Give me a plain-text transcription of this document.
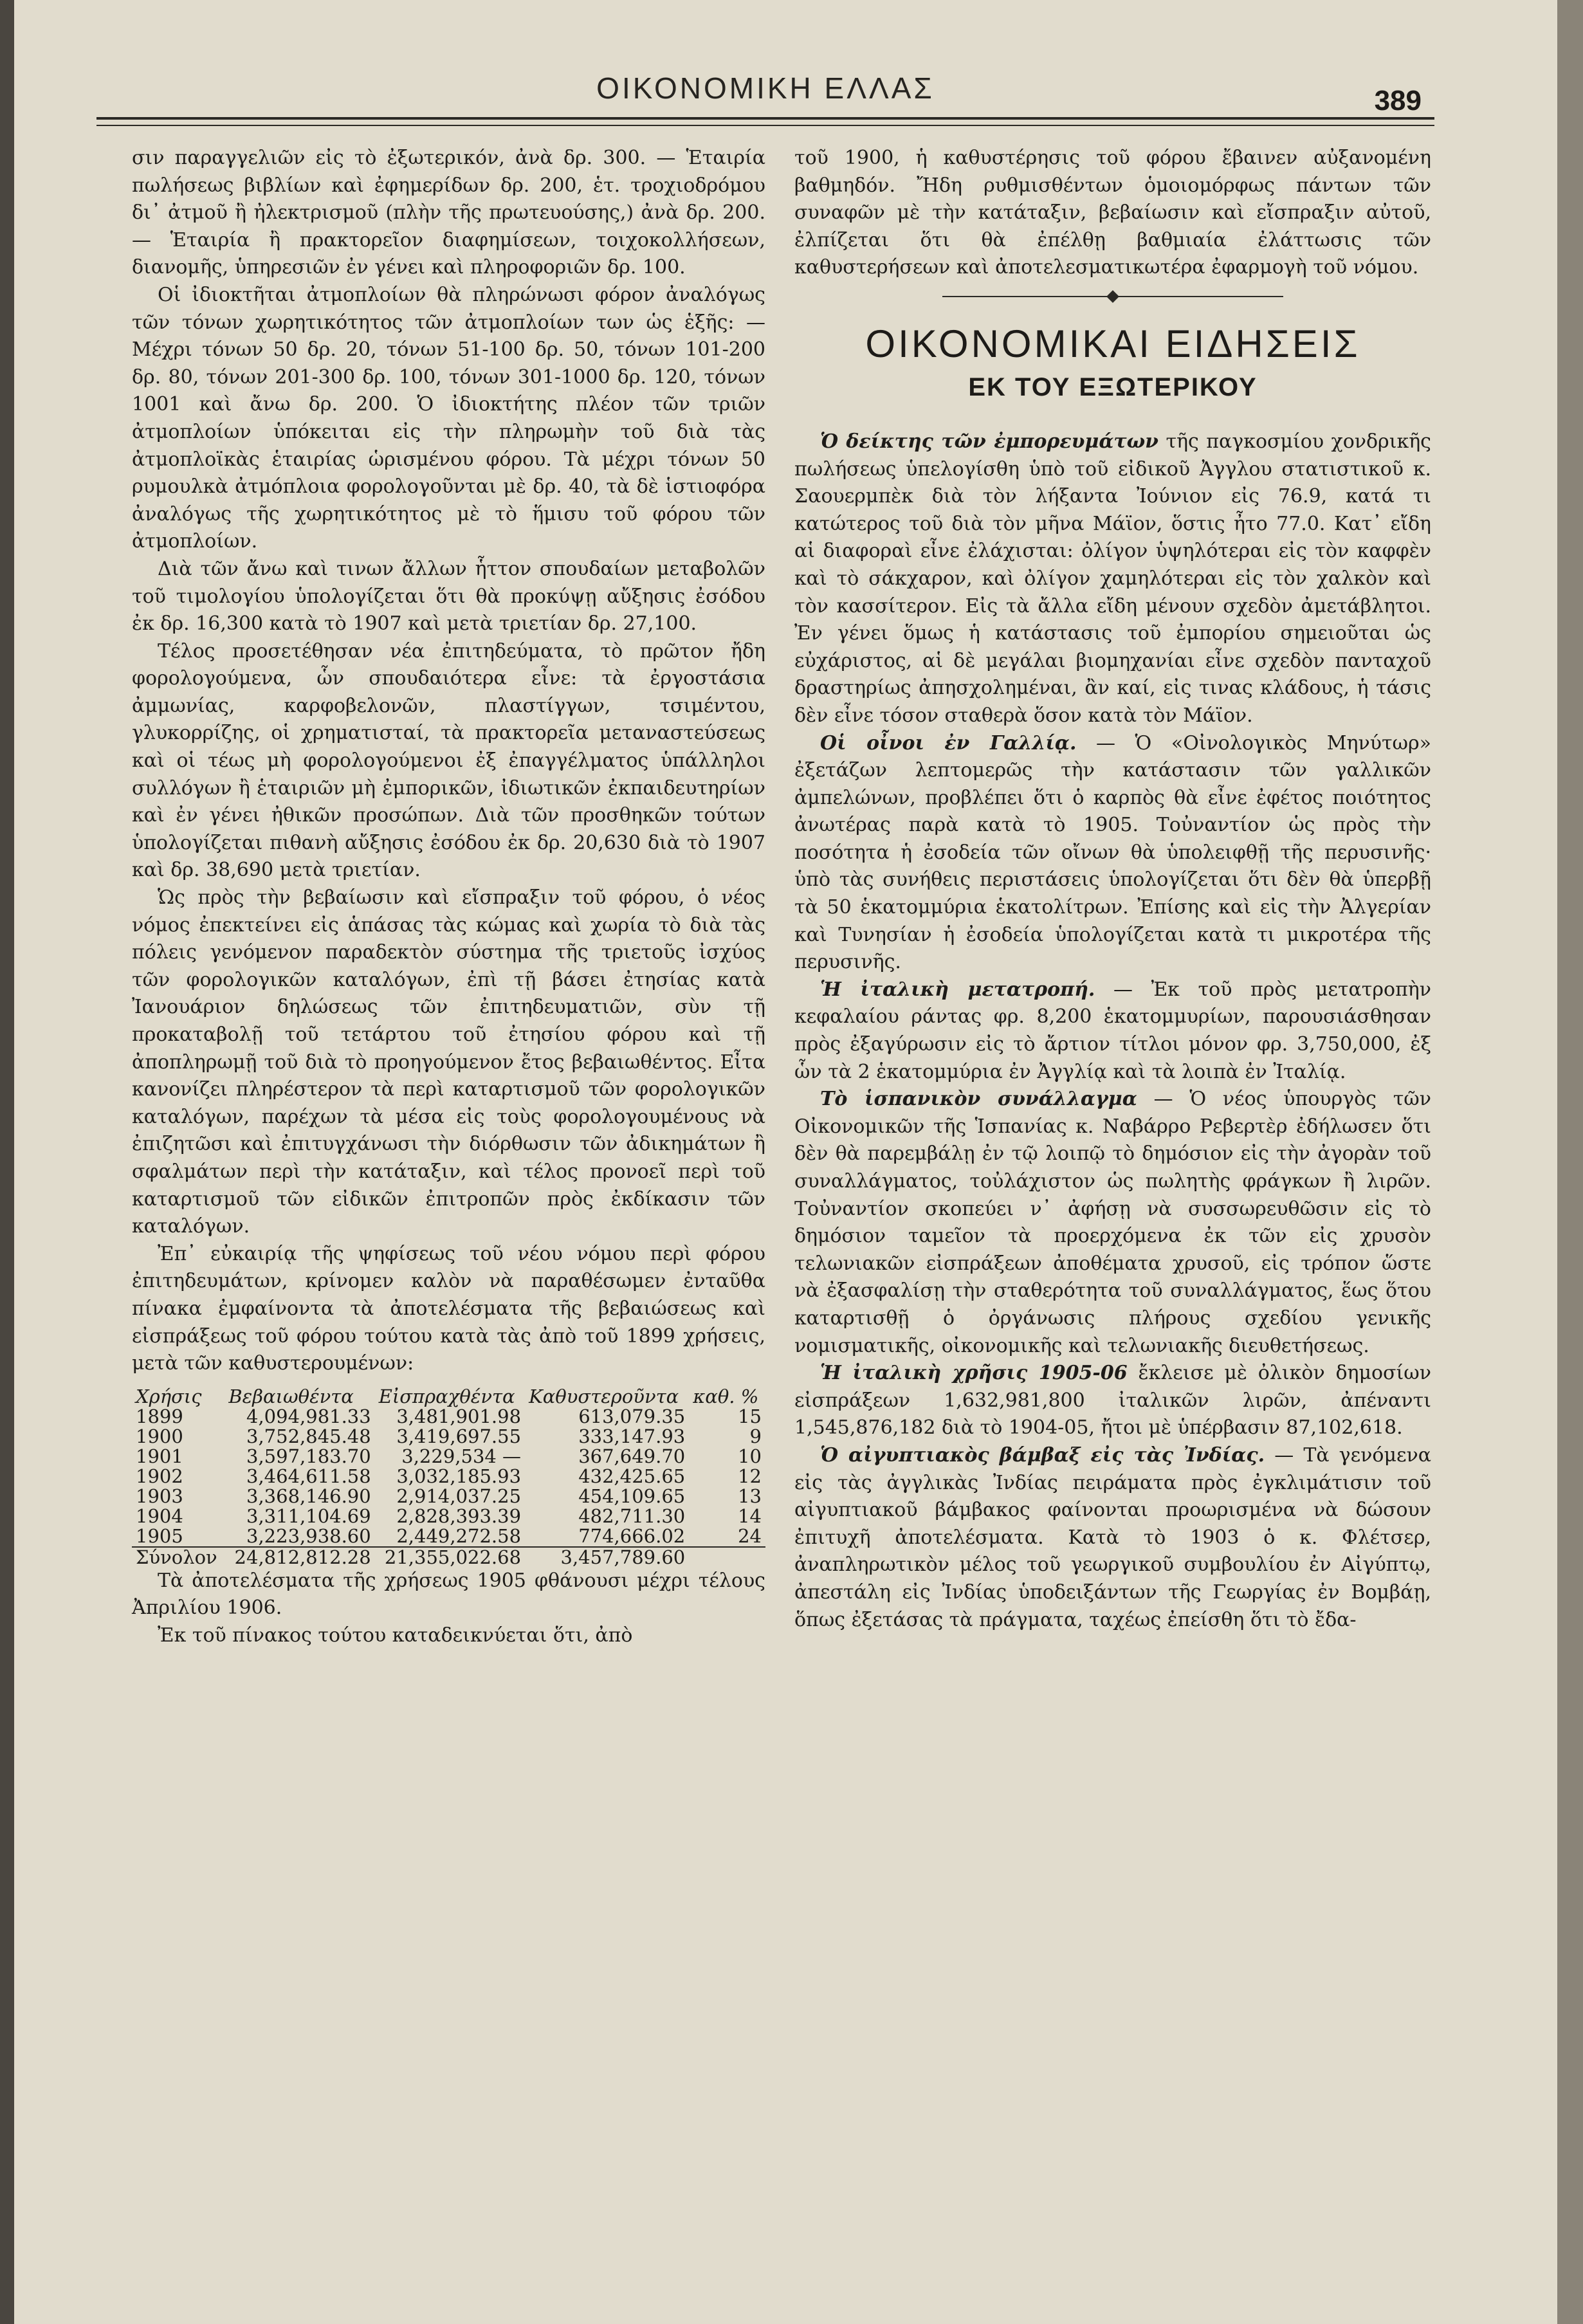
ΟΙΚΟΝΟΜΙΚΗ ΕΛΛΑΣ	389

σιν παραγγελιῶν εἰς τὸ ἐξωτερικόν, ἀνὰ δρ. 300. — Ἑταιρία πωλήσεως βιβλίων καὶ ἐφημερίδων δρ. 200, ἑτ. τροχιοδρόμου δι᾽ ἀτμοῦ ἢ ἠλεκτρισμοῦ (πλὴν τῆς πρωτευούσης,) ἀνὰ δρ. 200. — Ἑταιρία ἢ πρακτορεῖον διαφημίσεων, τοιχοκολλήσεων, διανομῆς, ὑπηρεσιῶν ἐν γένει καὶ πληροφοριῶν δρ. 100.

Οἱ ἰδιοκτῆται ἀτμοπλοίων θὰ πληρώνωσι φόρον ἀναλόγως τῶν τόνων χωρητικότητος τῶν ἀτμοπλοίων των ὡς ἑξῆς: — Μέχρι τόνων 50 δρ. 20, τόνων 51-100 δρ. 50, τόνων 101-200 δρ. 80, τόνων 201-300 δρ. 100, τόνων 301-1000 δρ. 120, τόνων 1001 καὶ ἄνω δρ. 200. Ὁ ἰδιοκτήτης πλέον τῶν τριῶν ἀτμοπλοίων ὑπόκειται εἰς τὴν πληρωμὴν τοῦ διὰ τὰς ἀτμοπλοϊκὰς ἑταιρίας ὡρισμένου φόρου. Τὰ μέχρι τόνων 50 ρυμουλκὰ ἀτμόπλοια φορολογοῦνται μὲ δρ. 40, τὰ δὲ ἱστιοφόρα ἀναλόγως τῆς χωρητικότητος μὲ τὸ ἥμισυ τοῦ φόρου τῶν ἀτμοπλοίων.

Διὰ τῶν ἄνω καὶ τινων ἄλλων ἧττον σπουδαίων μεταβολῶν τοῦ τιμολογίου ὑπολογίζεται ὅτι θὰ προκύψῃ αὔξησις ἐσόδου ἐκ δρ. 16,300 κατὰ τὸ 1907 καὶ μετὰ τριετίαν δρ. 27,100.

Τέλος προσετέθησαν νέα ἐπιτηδεύματα, τὸ πρῶτον ἤδη φορολογούμενα, ὧν σπουδαιότερα εἶνε: τὰ ἐργοστάσια ἀμμωνίας, καρφοβελονῶν, πλαστίγγων, τσιμέντου, γλυκορρίζης, οἱ χρηματισταί, τὰ πρακτορεῖα μεταναστεύσεως καὶ οἱ τέως μὴ φορολογούμενοι ἐξ ἐπαγγέλματος ὑπάλληλοι συλλόγων ἢ ἑταιριῶν μὴ ἐμπορικῶν, ἰδιωτικῶν ἐκπαιδευτηρίων καὶ ἐν γένει ἠθικῶν προσώπων. Διὰ τῶν προσθηκῶν τούτων ὑπολογίζεται πιθανὴ αὔξησις ἐσόδου ἐκ δρ. 20,630 διὰ τὸ 1907 καὶ δρ. 38,690 μετὰ τριετίαν.

Ὡς πρὸς τὴν βεβαίωσιν καὶ εἴσπραξιν τοῦ φόρου, ὁ νέος νόμος ἐπεκτείνει εἰς ἁπάσας τὰς κώμας καὶ χωρία τὸ διὰ τὰς πόλεις γενόμενον παραδεκτὸν σύστημα τῆς τριετοῦς ἰσχύος τῶν φορολογικῶν καταλόγων, ἐπὶ τῇ βάσει ἐτησίας κατὰ Ἰανουάριον δηλώσεως τῶν ἐπιτηδευματιῶν, σὺν τῇ προκαταβολῇ τοῦ τετάρτου τοῦ ἐτησίου φόρου καὶ τῇ ἀποπληρωμῇ τοῦ διὰ τὸ προηγούμενον ἔτος βεβαιωθέντος. Εἶτα κανονίζει πληρέστερον τὰ περὶ καταρτισμοῦ τῶν φορολογικῶν καταλόγων, παρέχων τὰ μέσα εἰς τοὺς φορολογουμένους νὰ ἐπιζητῶσι καὶ ἐπιτυγχάνωσι τὴν διόρθωσιν τῶν ἀδικημάτων ἢ σφαλμάτων περὶ τὴν κατάταξιν, καὶ τέλος προνοεῖ περὶ τοῦ καταρτισμοῦ τῶν εἰδικῶν ἐπιτροπῶν πρὸς ἐκδίκασιν τῶν καταλόγων.

Ἐπ᾽ εὐκαιρίᾳ τῆς ψηφίσεως τοῦ νέου νόμου περὶ φόρου ἐπιτηδευμάτων, κρίνομεν καλὸν νὰ παραθέσωμεν ἐνταῦθα πίνακα ἐμφαίνοντα τὰ ἀποτελέσματα τῆς βεβαιώσεως καὶ εἰσπράξεως τοῦ φόρου τούτου κατὰ τὰς ἀπὸ τοῦ 1899 χρήσεις, μετὰ τῶν καθυστερουμένων:

Χρήσις	Βεβαιωθέντα	Εἰσπραχθέντα	Καθυστεροῦντα	καθ. %
1899	4,094,981.33	3,481,901.98	613,079.35	15
1900	3,752,845.48	3,419,697.55	333,147.93	9
1901	3,597,183.70	3,229,534 —	367,649.70	10
1902	3,464,611.58	3,032,185.93	432,425.65	12
1903	3,368,146.90	2,914,037.25	454,109.65	13
1904	3,311,104.69	2,828,393.39	482,711.30	14
1905	3,223,938.60	2,449,272.58	774,666.02	24
Σύνολον	24,812,812.28	21,355,022.68	3,457,789.60	

Τὰ ἀποτελέσματα τῆς χρήσεως 1905 φθάνουσι μέχρι τέλους Ἀπριλίου 1906.

Ἐκ τοῦ πίνακος τούτου καταδεικνύεται ὅτι, ἀπὸ

τοῦ 1900, ἡ καθυστέρησις τοῦ φόρου ἔβαινεν αὐξανομένη βαθμηδόν. Ἤδη ρυθμισθέντων ὁμοιομόρφως πάντων τῶν συναφῶν μὲ τὴν κατάταξιν, βεβαίωσιν καὶ εἴσπραξιν αὐτοῦ, ἐλπίζεται ὅτι θὰ ἐπέλθῃ βαθμιαία ἐλάττωσις τῶν καθυστερήσεων καὶ ἀποτελεσματικωτέρα ἐφαρμογὴ τοῦ νόμου.

ΟΙΚΟΝΟΜΙΚΑΙ ΕΙΔΗΣΕΙΣ
ΕΚ ΤΟΥ ΕΞΩΤΕΡΙΚΟΥ

Ὁ δείκτης τῶν ἐμπορευμάτων τῆς παγκοσμίου χονδρικῆς πωλήσεως ὑπελογίσθη ὑπὸ τοῦ εἰδικοῦ Ἀγγλου στατιστικοῦ κ. Σαουερμπὲκ διὰ τὸν λήξαντα Ἰούνιον εἰς 76.9, κατά τι κατώτερος τοῦ διὰ τὸν μῆνα Μάϊον, ὅστις ἦτο 77.0. Κατ᾽ εἴδη αἱ διαφοραὶ εἶνε ἐλάχισται: ὀλίγον ὑψηλότεραι εἰς τὸν καφφὲν καὶ τὸ σάκχαρον, καὶ ὀλίγον χαμηλότεραι εἰς τὸν χαλκὸν καὶ τὸν κασσίτερον. Εἰς τὰ ἄλλα εἴδη μένουν σχεδὸν ἀμετάβλητοι. Ἐν γένει ὅμως ἡ κατάστασις τοῦ ἐμπορίου σημειοῦται ὡς εὐχάριστος, αἱ δὲ μεγάλαι βιομηχανίαι εἶνε σχεδὸν πανταχοῦ δραστηρίως ἀπησχολημέναι, ἂν καί, εἰς τινας κλάδους, ἡ τάσις δὲν εἶνε τόσον σταθερὰ ὅσον κατὰ τὸν Μάϊον.

Οἱ οἶνοι ἐν Γαλλίᾳ. — Ὁ «Οἰνολογικὸς Μηνύτωρ» ἐξετάζων λεπτομερῶς τὴν κατάστασιν τῶν γαλλικῶν ἀμπελώνων, προβλέπει ὅτι ὁ καρπὸς θὰ εἶνε ἐφέτος ποιότητος ἀνωτέρας παρὰ κατὰ τὸ 1905. Τοὐναντίον ὡς πρὸς τὴν ποσότητα ἡ ἐσοδεία τῶν οἴνων θὰ ὑπολειφθῇ τῆς περυσινῆς· ὑπὸ τὰς συνήθεις περιστάσεις ὑπολογίζεται ὅτι δὲν θὰ ὑπερβῇ τὰ 50 ἑκατομμύρια ἑκατολίτρων. Ἐπίσης καὶ εἰς τὴν Ἀλγερίαν καὶ Τυνησίαν ἡ ἐσοδεία ὑπολογίζεται κατὰ τι μικροτέρα τῆς περυσινῆς.

Ἡ ἰταλικὴ μετατροπή. — Ἐκ τοῦ πρὸς μετατροπὴν κεφαλαίου ράντας φρ. 8,200 ἑκατομμυρίων, παρουσιάσθησαν πρὸς ἐξαγύρωσιν εἰς τὸ ἄρτιον τίτλοι μόνον φρ. 3,750,000, ἐξ ὧν τὰ 2 ἑκατομμύρια ἐν Ἀγγλίᾳ καὶ τὰ λοιπὰ ἐν Ἰταλίᾳ.

Τὸ ἱσπανικὸν συνάλλαγμα — Ὁ νέος ὑπουργὸς τῶν Οἰκονομικῶν τῆς Ἱσπανίας κ. Ναβάρρο Ρεβερτὲρ ἐδήλωσεν ὅτι δὲν θὰ παρεμβάλῃ ἐν τῷ λοιπῷ τὸ δημόσιον εἰς τὴν ἀγορὰν τοῦ συναλλάγματος, τοὐλάχιστον ὡς πωλητὴς φράγκων ἢ λιρῶν. Τοὐναντίον σκοπεύει ν᾽ ἀφήσῃ νὰ συσσωρευθῶσιν εἰς τὸ δημόσιον ταμεῖον τὰ προερχόμενα ἐκ τῶν εἰς χρυσὸν τελωνιακῶν εἰσπράξεων ἀποθέματα χρυσοῦ, εἰς τρόπον ὥστε νὰ ἐξασφαλίσῃ τὴν σταθερότητα τοῦ συναλλάγματος, ἕως ὅτου καταρτισθῇ ὁ ὀργάνωσις πλήρους σχεδίου γενικῆς νομισματικῆς, οἰκονομικῆς καὶ τελωνιακῆς διευθετήσεως.

Ἡ ἰταλικὴ χρῆσις 1905-06 ἔκλεισε μὲ ὀλικὸν δημοσίων εἰσπράξεων 1,632,981,800 ἰταλικῶν λιρῶν, ἀπέναντι 1,545,876,182 διὰ τὸ 1904-05, ἤτοι μὲ ὑπέρβασιν 87,102,618.

Ὁ αἰγυπτιακὸς βάμβαξ εἰς τὰς Ἰνδίας. — Τὰ γενόμενα εἰς τὰς ἀγγλικὰς Ἰνδίας πειράματα πρὸς ἐγκλιμάτισιν τοῦ αἰγυπτιακοῦ βάμβακος φαίνονται προωρισμένα νὰ δώσουν ἐπιτυχῆ ἀποτελέσματα. Κατὰ τὸ 1903 ὁ κ. Φλέτσερ, ἀναπληρωτικὸν μέλος τοῦ γεωργικοῦ συμβουλίου ἐν Αἰγύπτῳ, ἀπεστάλη εἰς Ἰνδίας ὑποδειξάντων τῆς Γεωργίας ἐν Βομβάῃ, ὅπως ἐξετάσας τὰ πράγματα, ταχέως ἐπείσθη ὅτι τὸ ἔδα-
